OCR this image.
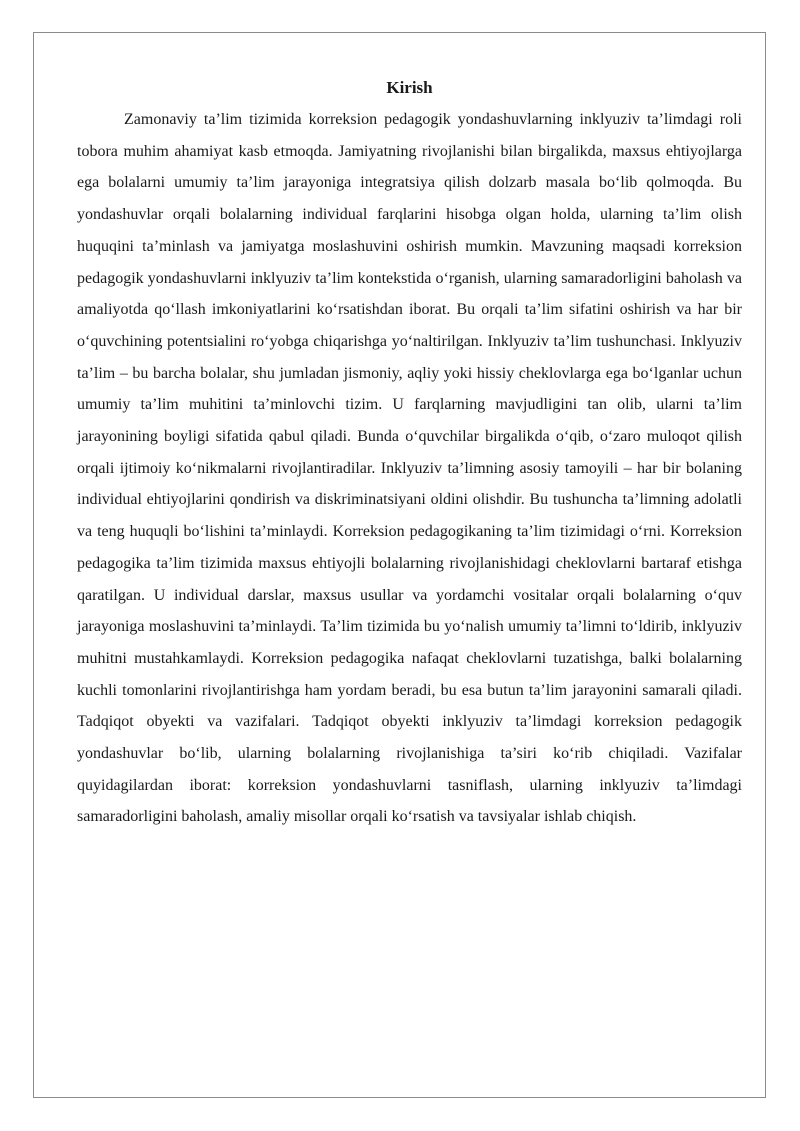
Kirish

Zamonaviy ta’lim tizimida korreksion pedagogik yondashuvlarning inklyuziv ta’limdagi roli tobora muhim ahamiyat kasb etmoqda. Jamiyatning rivojlanishi bilan birgalikda, maxsus ehtiyojlarga ega bolalarni umumiy ta’lim jarayoniga integratsiya qilish dolzarb masala bo‘lib qolmoqda. Bu yondashuvlar orqali bolalarning individual farqlarini hisobga olgan holda, ularning ta’lim olish huquqini ta’minlash va jamiyatga moslashuvini oshirish mumkin. Mavzuning maqsadi korreksion pedagogik yondashuvlarni inklyuziv ta’lim kontekstida o‘rganish, ularning samaradorligini baholash va amaliyotda qo‘llash imkoniyatlarini ko‘rsatishdan iborat. Bu orqali ta’lim sifatini oshirish va har bir o‘quvchining potentsialini ro‘yobga chiqarishga yo‘naltirilgan. Inklyuziv ta’lim tushunchasi. Inklyuziv ta’lim – bu barcha bolalar, shu jumladan jismoniy, aqliy yoki hissiy cheklovlarga ega bo‘lganlar uchun umumiy ta’lim muhitini ta’minlovchi tizim. U farqlarning mavjudligini tan olib, ularni ta’lim jarayonining boyligi sifatida qabul qiladi. Bunda o‘quvchilar birgalikda o‘qib, o‘zaro muloqot qilish orqali ijtimoiy ko‘nikmalarni rivojlantiradilar. Inklyuziv ta’limning asosiy tamoyili – har bir bolaning individual ehtiyojlarini qondirish va diskriminatsiyani oldini olishdir. Bu tushuncha ta’limning adolatli va teng huquqli bo‘lishini ta’minlaydi. Korreksion pedagogikaning ta’lim tizimidagi o‘rni. Korreksion pedagogika ta’lim tizimida maxsus ehtiyojli bolalarning rivojlanishidagi cheklovlarni bartaraf etishga qaratilgan. U individual darslar, maxsus usullar va yordamchi vositalar orqali bolalarning o‘quv jarayoniga moslashuvini ta’minlaydi. Ta’lim tizimida bu yo‘nalish umumiy ta’limni to‘ldirib, inklyuziv muhitni mustahkamlaydi. Korreksion pedagogika nafaqat cheklovlarni tuzatishga, balki bolalarning kuchli tomonlarini rivojlantirishga ham yordam beradi, bu esa butun ta’lim jarayonini samarali qiladi. Tadqiqot obyekti va vazifalari. Tadqiqot obyekti inklyuziv ta’limdagi korreksion pedagogik yondashuvlar bo‘lib, ularning bolalarning rivojlanishiga ta’siri ko‘rib chiqiladi. Vazifalar quyidagilardan iborat: korreksion yondashuvlarni tasniflash, ularning inklyuziv ta’limdagi samaradorligini baholash, amaliy misollar orqali ko‘rsatish va tavsiyalar ishlab chiqish.
